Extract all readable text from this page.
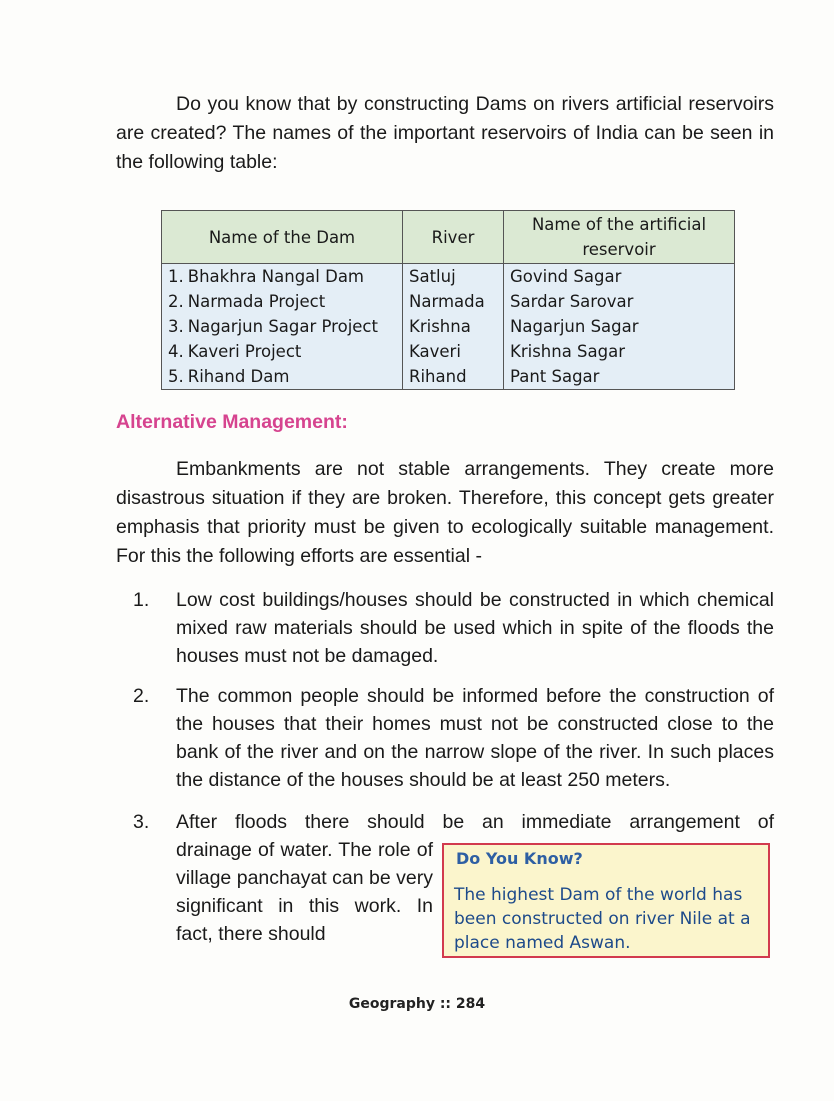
Do you know that by constructing Dams on rivers artificial reservoirs are created? The names of the important reservoirs of India can be seen in the following table:

Name of the Dam		River	Name of the artificial reservoir
1.	Bhakhra Nangal Dam	Satluj	Govind Sagar
2.	Narmada Project	Narmada	Sardar Sarovar
3.	Nagarjun Sagar Project	Krishna	Nagarjun Sagar
4.	Kaveri Project	Kaveri	Krishna Sagar
5.	Rihand Dam	Rihand	Pant Sagar
Alternative Management:

Embankments are not stable arrangements. They create more disastrous situation if they are broken. Therefore, this concept gets greater emphasis that priority must be given to ecologically suitable management. For this the following efforts are essential -

1. Low cost buildings/houses should be constructed in which chemical mixed raw materials should be used which in spite of the floods the houses must not be damaged.
2. The common people should be informed before the construction of the houses that their homes must not be constructed close to the bank of the river and on the narrow slope of the river. In such places the distance of the houses should be at least 250 meters.
3. After floods there should be an immediate arrangement of
drainage of water. The role of village panchayat can be very significant in this work. In fact, there should
Do You Know?
The highest Dam of the world has been constructed on river Nile at a place named Aswan.
Geography :: 284
